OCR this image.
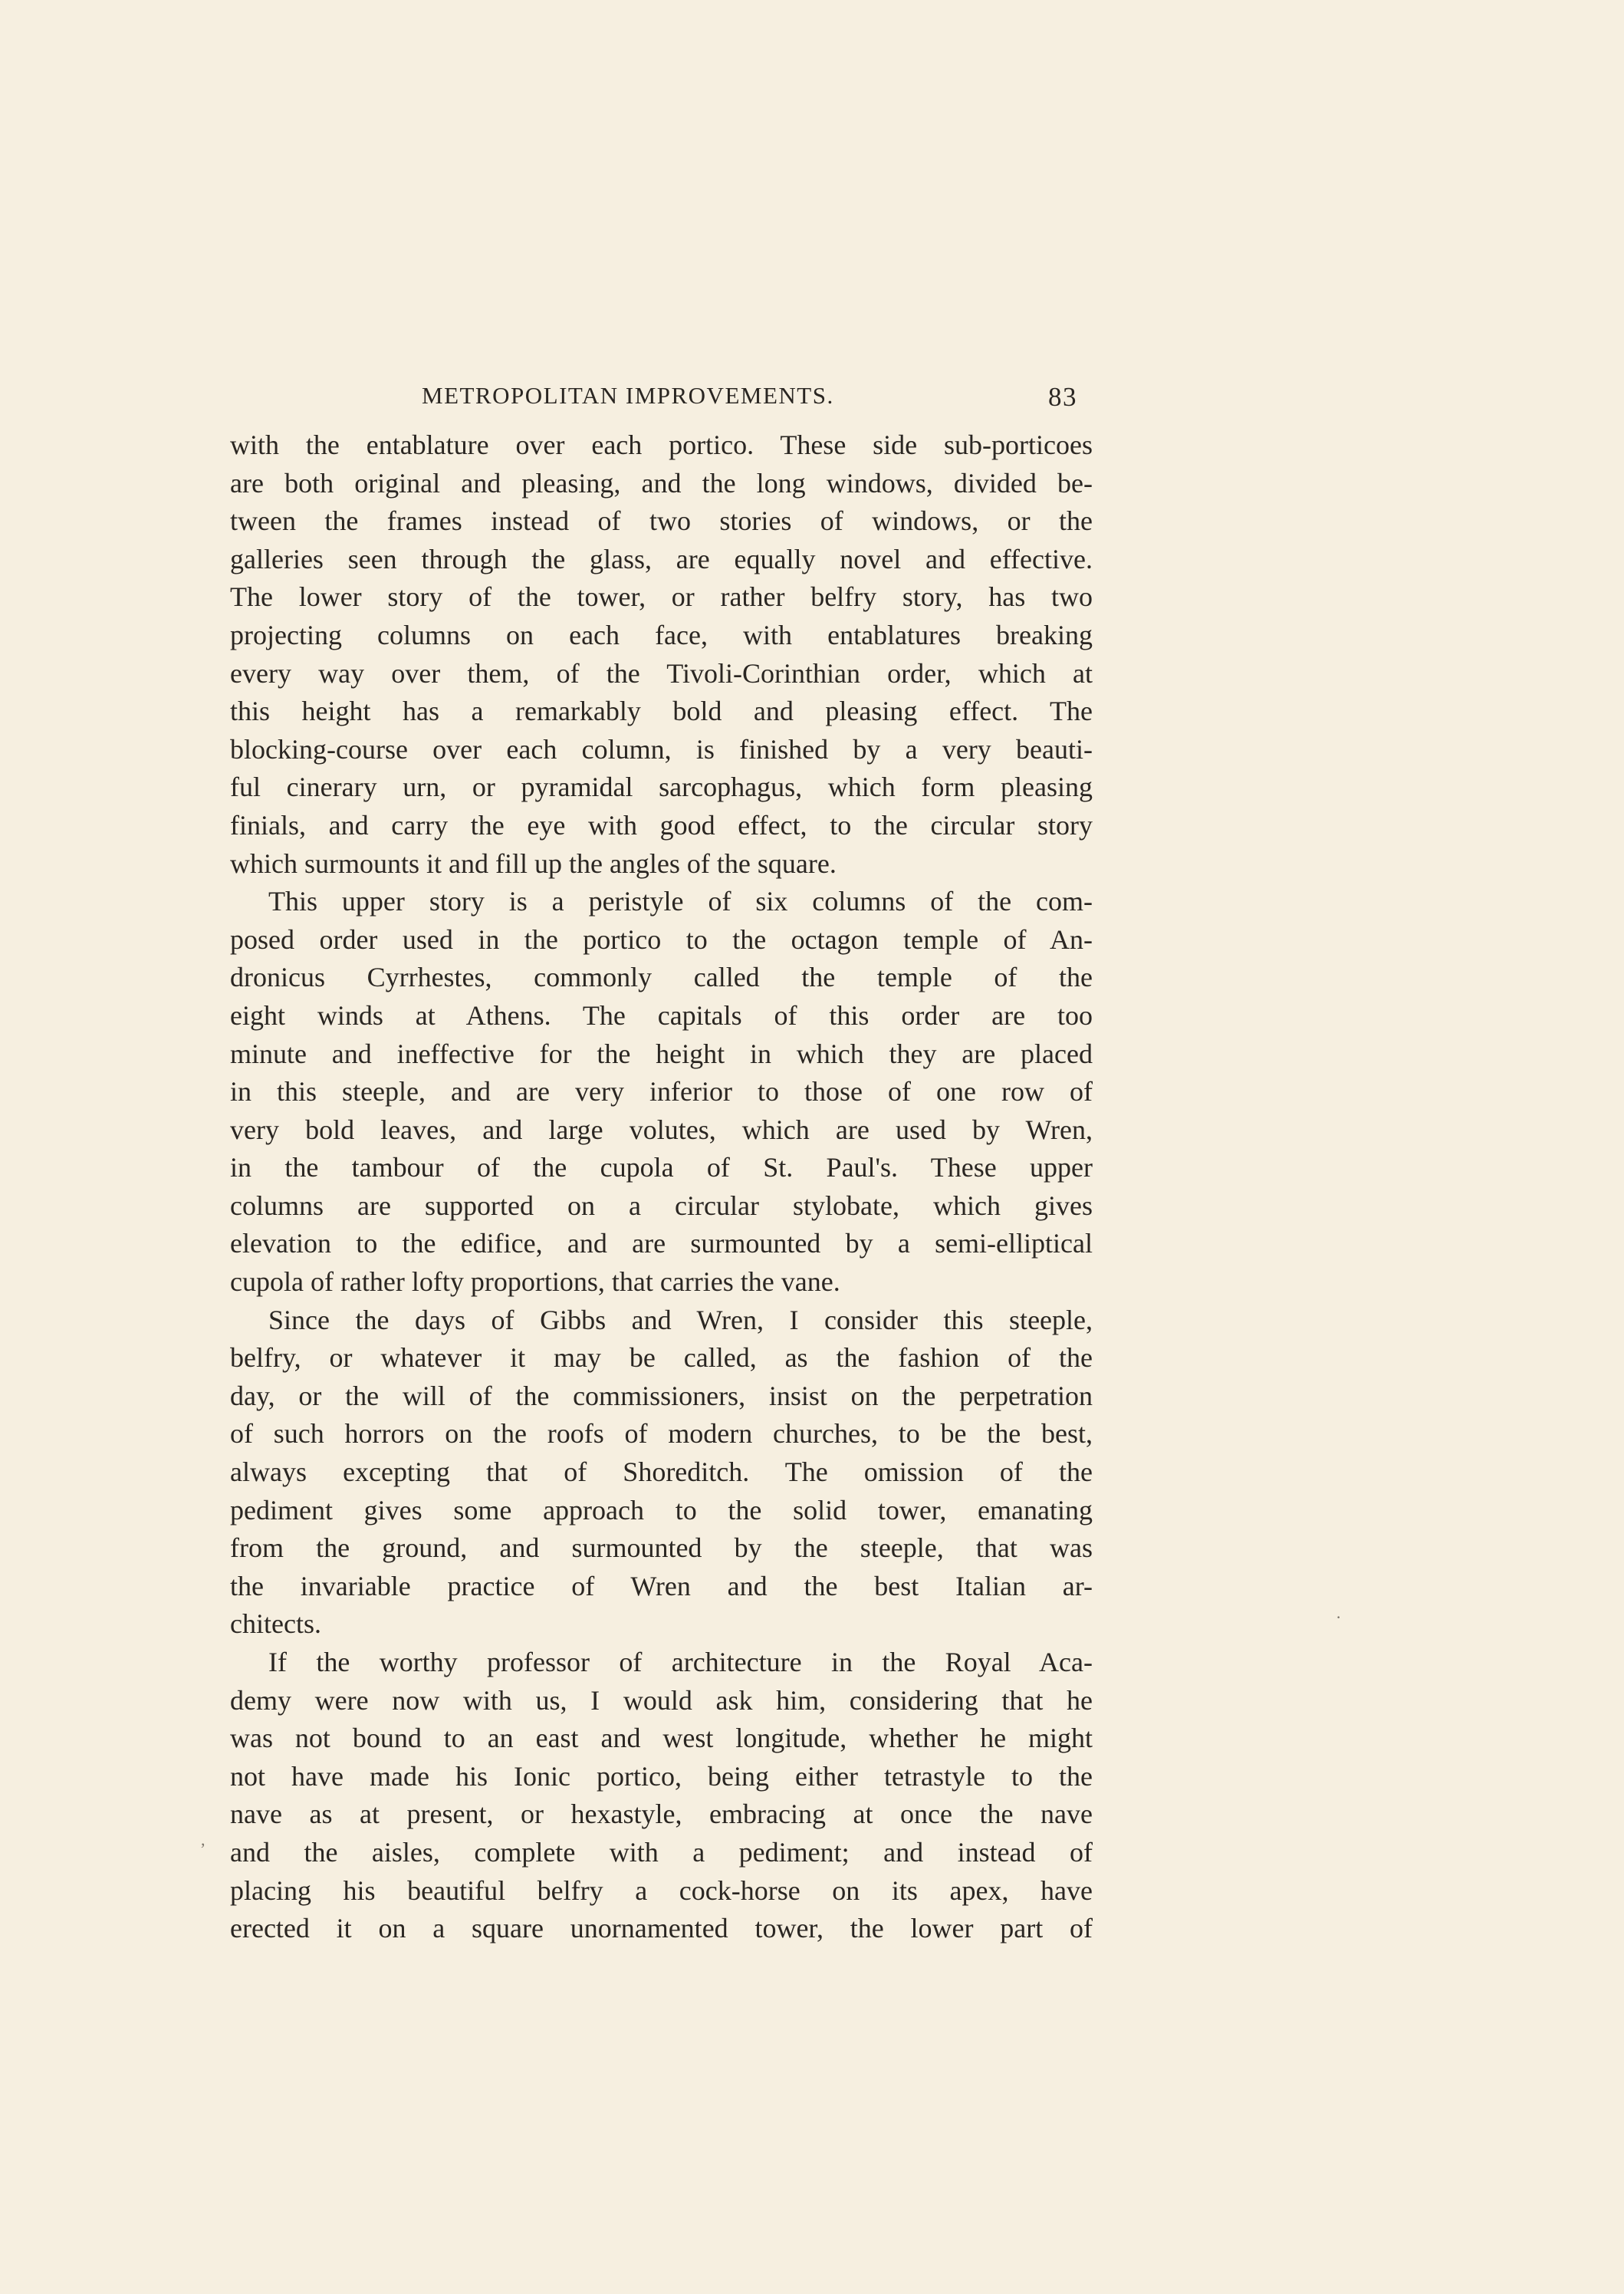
METROPOLITAN IMPROVEMENTS.	83
with the entablature over each portico. These side sub-porticoes
are both original and pleasing, and the long windows, divided be-
tween the frames instead of two stories of windows, or the
galleries seen through the glass, are equally novel and effective.
The lower story of the tower, or rather belfry story, has two
projecting columns on each face, with entablatures breaking
every way over them, of the Tivoli-Corinthian order, which at
this height has a remarkably bold and pleasing effect. The
blocking-course over each column, is finished by a very beauti-
ful cinerary urn, or pyramidal sarcophagus, which form pleasing
finials, and carry the eye with good effect, to the circular story
which surmounts it and fill up the angles of the square.
This upper story is a peristyle of six columns of the com-
posed order used in the portico to the octagon temple of An-
dronicus Cyrrhestes, commonly called the temple of the
eight winds at Athens. The capitals of this order are too
minute and ineffective for the height in which they are placed
in this steeple, and are very inferior to those of one row of
very bold leaves, and large volutes, which are used by Wren,
in the tambour of the cupola of St. Paul's. These upper
columns are supported on a circular stylobate, which gives
elevation to the edifice, and are surmounted by a semi-elliptical
cupola of rather lofty proportions, that carries the vane.
Since the days of Gibbs and Wren, I consider this steeple,
belfry, or whatever it may be called, as the fashion of the
day, or the will of the commissioners, insist on the perpetration
of such horrors on the roofs of modern churches, to be the best,
always excepting that of Shoreditch. The omission of the
pediment gives some approach to the solid tower, emanating
from the ground, and surmounted by the steeple, that was
the invariable practice of Wren and the best Italian ar-
chitects.
If the worthy professor of architecture in the Royal Aca-
demy were now with us, I would ask him, considering that he
was not bound to an east and west longitude, whether he might
not have made his Ionic portico, being either tetrastyle to the
nave as at present, or hexastyle, embracing at once the nave
and the aisles, complete with a pediment; and instead of
placing his beautiful belfry a cock-horse on its apex, have
erected it on a square unornamented tower, the lower part of
·
,
